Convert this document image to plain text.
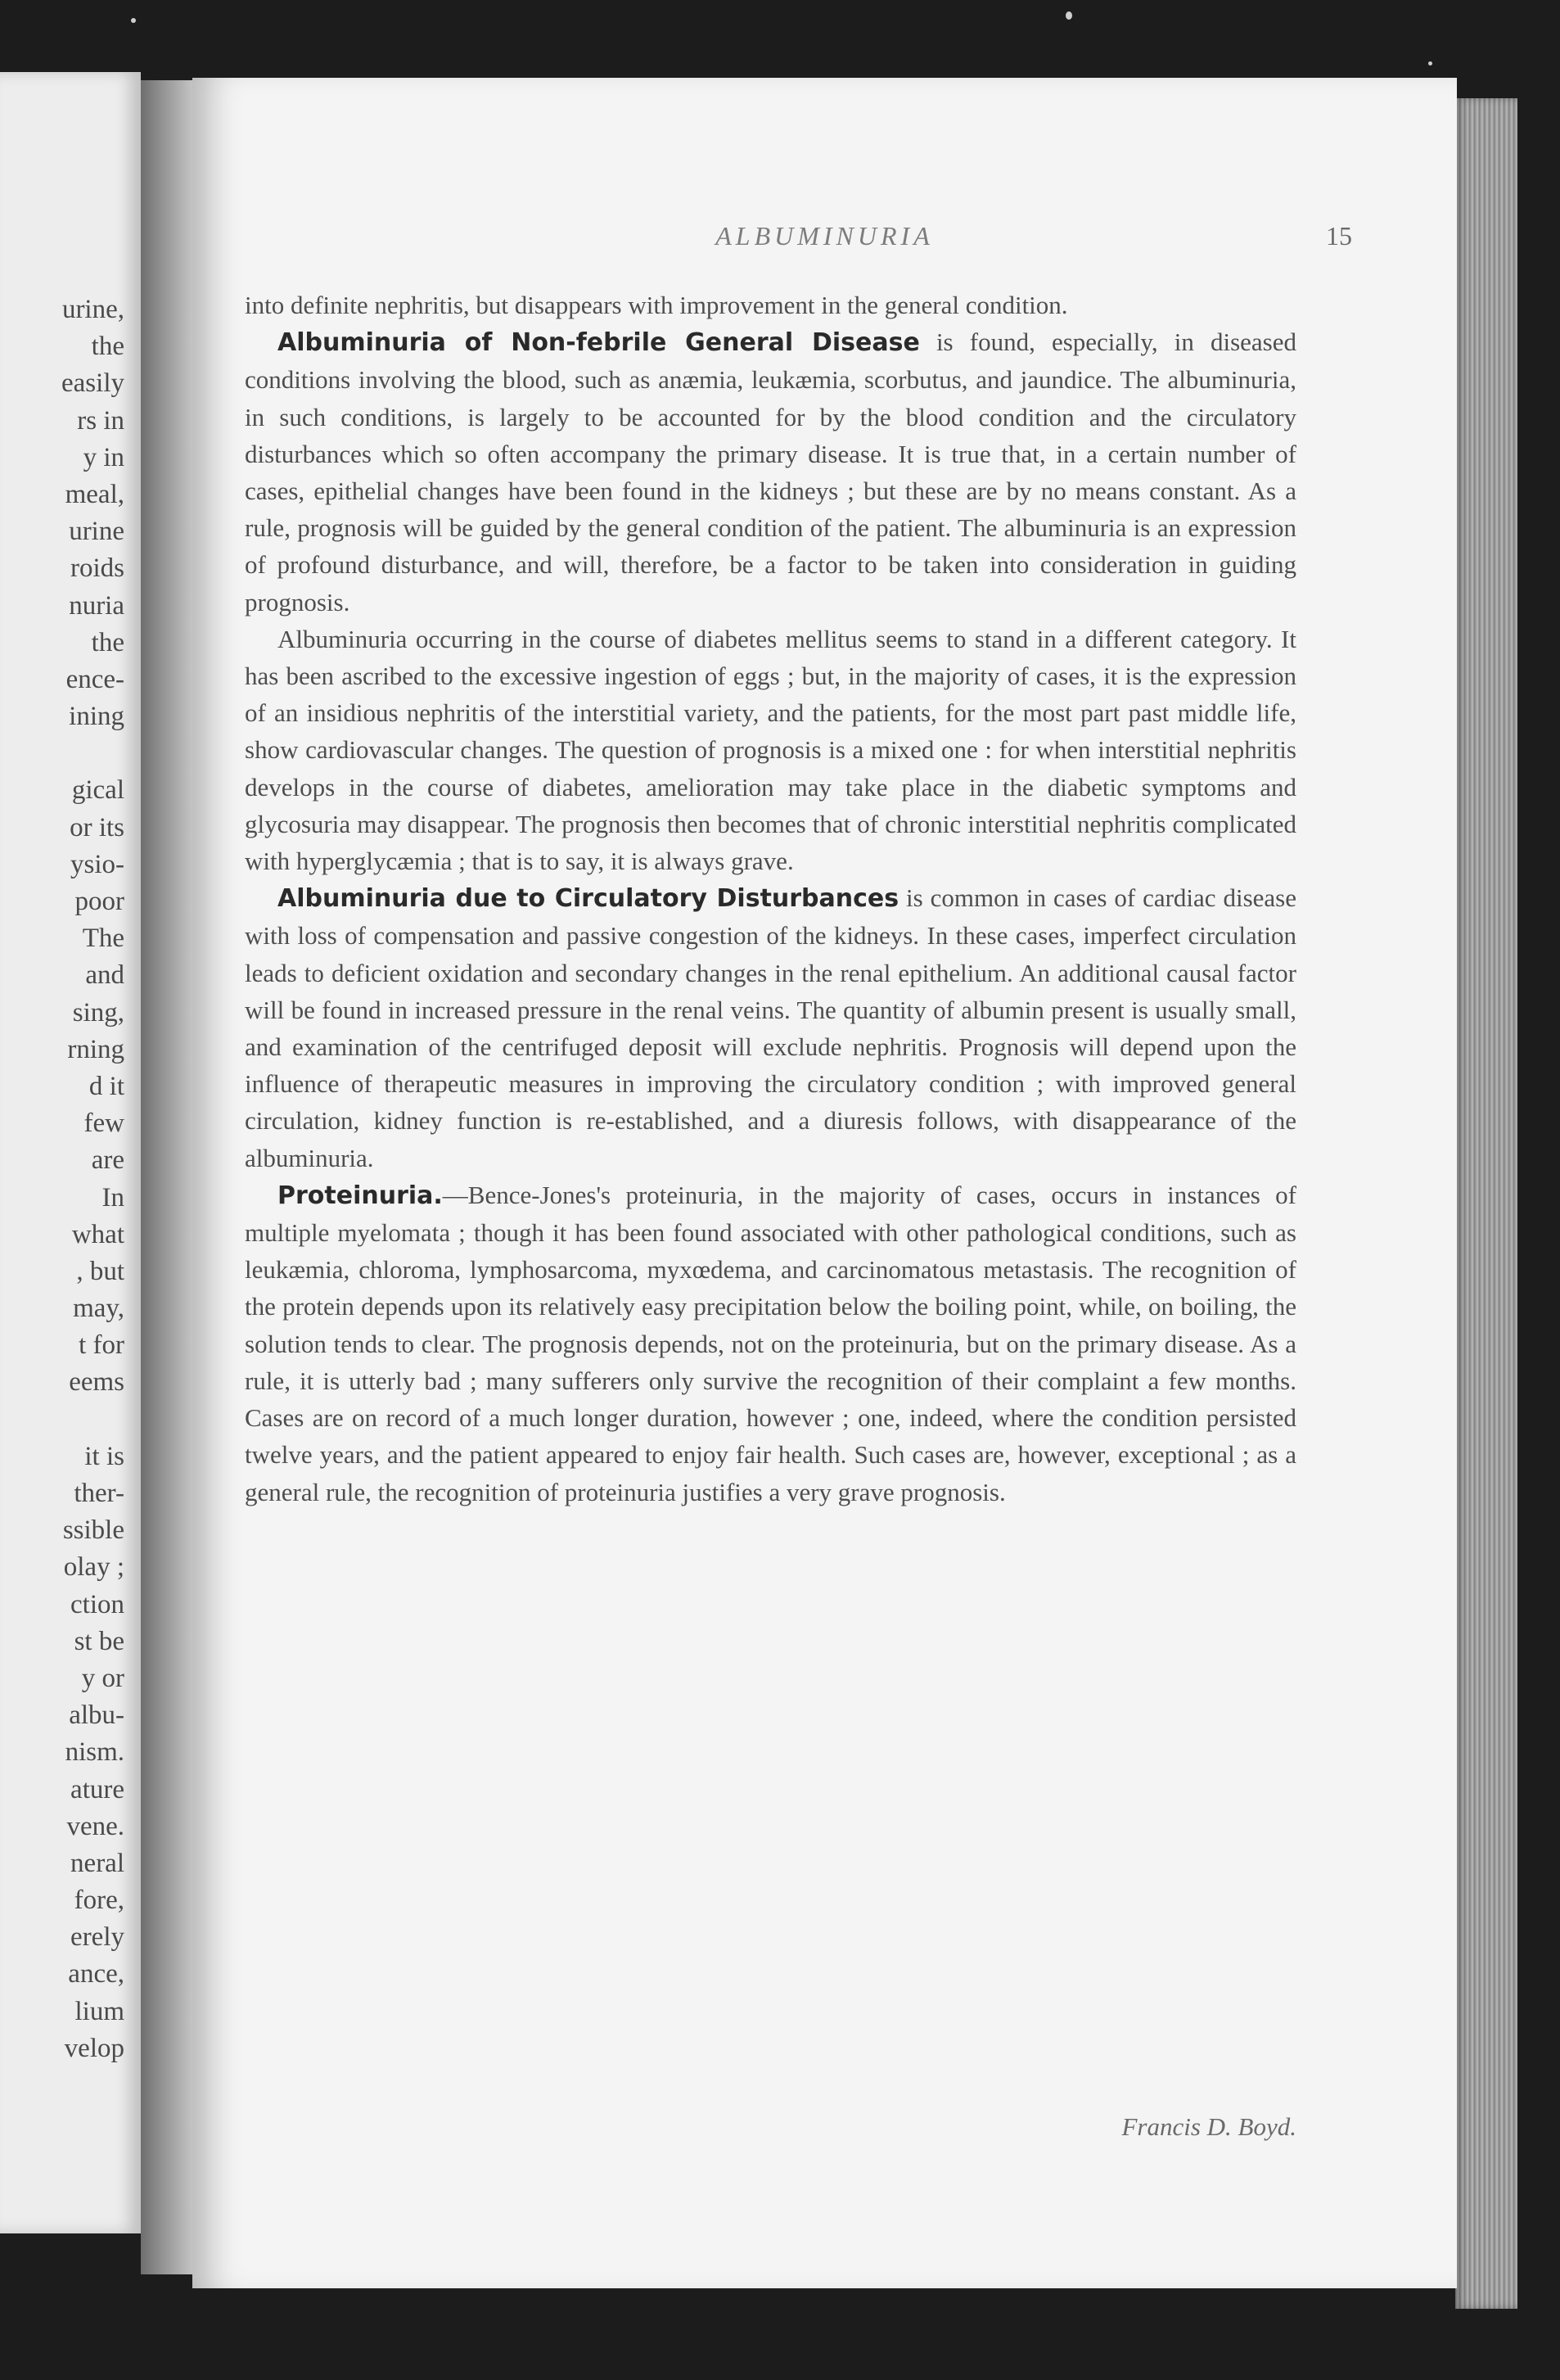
urine,
the
easily
rs in
y in
meal,
urine
roids
nuria
the
ence-
ining
gical
or its
ysio-
poor
The
and
sing,
rning
d it
few
are
In
what
, but
may,
t for
eems
it is
ther-
ssible
olay ;
ction
st be
y or
albu-
nism.
ature
vene.
neral
fore,
erely
ance,
lium
velop
ALBUMINURIA	15

into definite nephritis, but disappears with improvement in the general condition.

Albuminuria of Non-febrile General Disease is found, especially, in diseased conditions involving the blood, such as anæmia, leukæmia, scorbutus, and jaundice. The albuminuria, in such conditions, is largely to be accounted for by the blood condition and the circulatory disturbances which so often accompany the primary disease. It is true that, in a certain number of cases, epithelial changes have been found in the kidneys ; but these are by no means constant. As a rule, prognosis will be guided by the general condition of the patient. The albuminuria is an expression of profound disturbance, and will, therefore, be a factor to be taken into consideration in guiding prognosis.

Albuminuria occurring in the course of diabetes mellitus seems to stand in a different category. It has been ascribed to the excessive ingestion of eggs ; but, in the majority of cases, it is the expression of an insidious nephritis of the interstitial variety, and the patients, for the most part past middle life, show cardiovascular changes. The question of prognosis is a mixed one : for when interstitial nephritis develops in the course of diabetes, amelioration may take place in the diabetic symptoms and glycosuria may disappear. The prognosis then becomes that of chronic interstitial nephritis complicated with hyperglycæmia ; that is to say, it is always grave.

Albuminuria due to Circulatory Disturbances is common in cases of cardiac disease with loss of compensation and passive congestion of the kidneys. In these cases, imperfect circulation leads to deficient oxidation and secondary changes in the renal epithelium. An additional causal factor will be found in increased pressure in the renal veins. The quantity of albumin present is usually small, and examination of the centrifuged deposit will exclude nephritis. Prognosis will depend upon the influence of therapeutic measures in improving the circulatory condition ; with improved general circulation, kidney function is re-established, and a diuresis follows, with disappearance of the albuminuria.

Proteinuria.—Bence-Jones's proteinuria, in the majority of cases, occurs in instances of multiple myelomata ; though it has been found associated with other pathological conditions, such as leukæmia, chloroma, lymphosarcoma, myxœdema, and carcinomatous metastasis. The recognition of the protein depends upon its relatively easy precipitation below the boiling point, while, on boiling, the solution tends to clear. The prognosis depends, not on the proteinuria, but on the primary disease. As a rule, it is utterly bad ; many sufferers only survive the recognition of their complaint a few months. Cases are on record of a much longer duration, however ; one, indeed, where the condition persisted twelve years, and the patient appeared to enjoy fair health. Such cases are, however, exceptional ; as a general rule, the recognition of proteinuria justifies a very grave prognosis.

Francis D. Boyd.
